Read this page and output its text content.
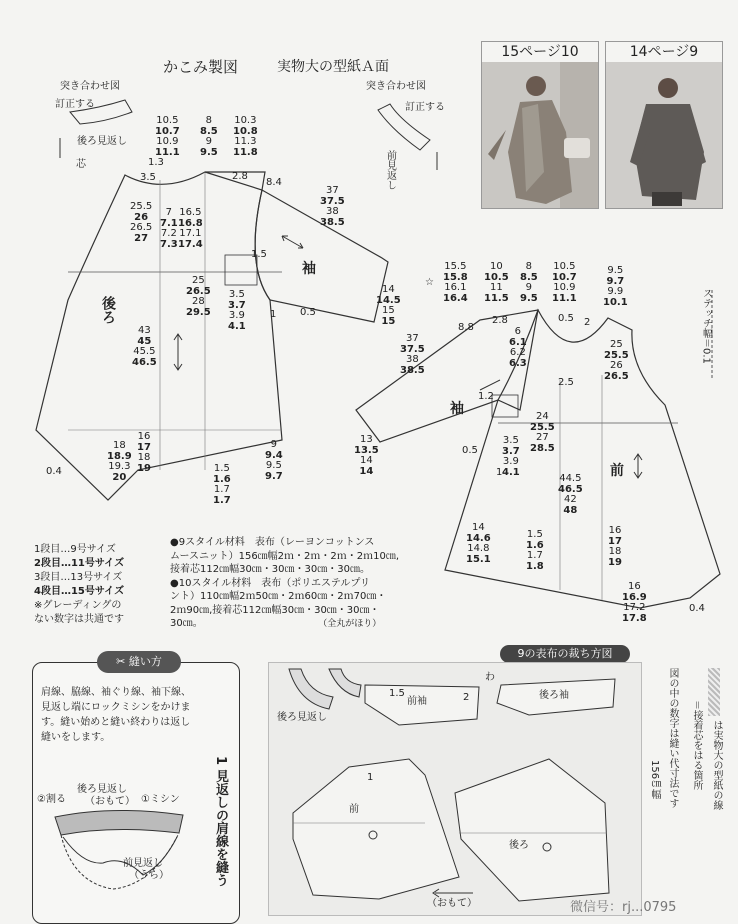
かこみ製図	実物大の型紙Ａ面
15ページ10	14ページ9
突き合わせ図
訂正する
後ろ見返し
芯	1.3
10.5
10.7
10.9
11.1
8
8.5
9
9.5
10.3
10.8
11.3
11.8
3.5	2.8
8.4
25.5
26
26.5
27
7
7.1
7.2
7.3
16.5
16.8
17.1
17.4
後ろ
25
26.5
28
29.5
3.5
3.7
3.9
4.1
43
45
45.5
46.5
18
18.9
19.3
20
16
17
18
19	1.5
1.6
1.7
1.7
9
9.4
9.5
9.7
0.4
1
袖
37
37.5
38
38.5
14
14.5
15
15
1.5
0.5
突き合わせ図
訂正する
前見返し
☆
15.5
15.8
16.1
16.4
10
10.5
11
11.5
8
8.5
9
9.5
10.5
10.7
10.9
11.1
9.5
9.7
9.9
10.1
8.8
2.8
6
6.1
6.2
6.3
0.5 2
25
25.5
26
26.5
2.5
24
25.5
27
28.5
3.5
3.7
3.9
4.1	前
44.5
46.5
42
48
14
14.6
14.8
15.1
1.5
1.6
1.7
1.8
16
17
18
19
16
16.9
17.2
17.8
ステッチ幅＝0.1
0.4
1.2
1
袖
37
37.5
38
38.5
13
13.5
14
14
0.5
1段目…9号サイズ
2段目…11号サイズ
3段目…13号サイズ
4段目…15号サイズ
※グレーディングの
ない数字は共通です
●9スタイル材料　表布（レーヨンコットンス
ムースニット）156㎝幅2ｍ・2ｍ・2ｍ・2ｍ10㎝,
接着芯112㎝幅30㎝・30㎝・30㎝・30㎝。
●10スタイル材料　表布（ポリエステルプリ
ント）110㎝幅2ｍ50㎝・2ｍ60㎝・2ｍ70㎝・
2ｍ90㎝,接着芯112㎝幅30㎝・30㎝・30㎝・
30㎝。	（全丸がほり）
✂ 縫い方
肩線、脇線、袖ぐり線、袖下線、
見返し端にロックミシンをかけま
す。縫い始めと縫い終わりは返し
縫いをします。
後ろ見返し
（おもて）
②割る	①ミシン
前見返し
（うら）	1 見返しの肩線を縫う
9の表布の裁ち方図
後ろ見返し
前袖
後ろ袖
前
後ろ
（おもて）
わ
1.5	2
1	156㎝幅	は実物大の型紙の線
＝接着芯をはる箇所
図の中の数字は縫い代寸法です
微信号：rj...0795
